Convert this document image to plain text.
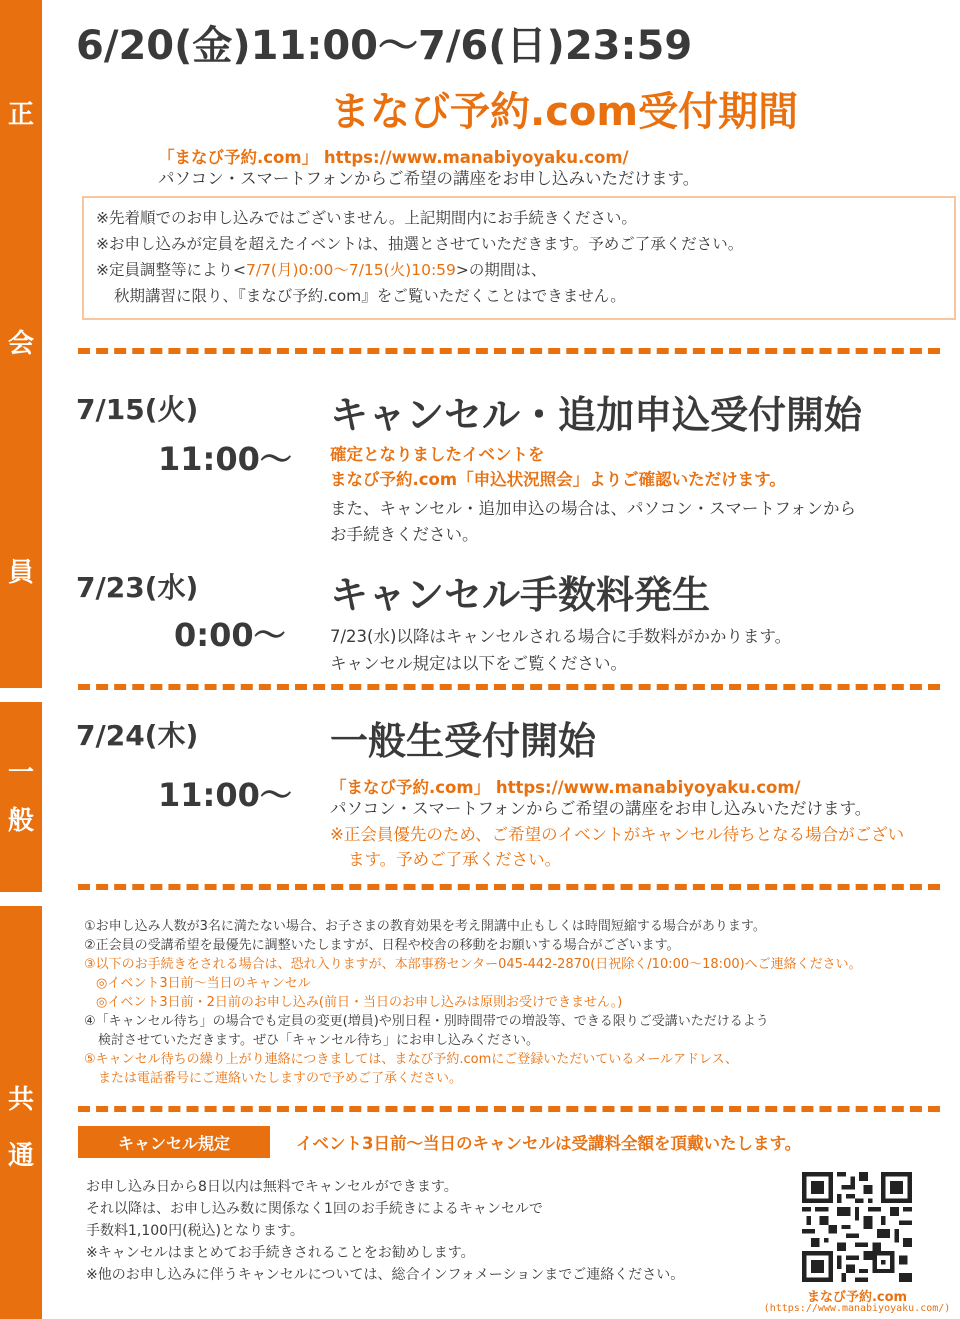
正
会
員
一
般
共
通
6/20(金)11:00〜7/6(日)23:59
まなび予約.com受付期間
「まなび予約.com」 https://www.manabiyoyaku.com/
パソコン・スマートフォンからご希望の講座をお申し込みいただけます。
※先着順でのお申し込みではございません。上記期間内にお手続きください。
※お申し込みが定員を超えたイベントは、抽選とさせていただきます。予めご了承ください。
※定員調整等により<7/7(月)0:00〜7/15(火)10:59>の期間は、
秋期講習に限り、『まなび予約.com』をご覧いただくことはできません。
7/15(火)
11:00〜
キャンセル・追加申込受付開始
確定となりましたイベントを
まなび予約.com「申込状況照会」よりご確認いただけます。
また、キャンセル・追加申込の場合は、パソコン・スマートフォンから
お手続きください。
7/23(水)
0:00〜
キャンセル手数料発生
7/23(水)以降はキャンセルされる場合に手数料がかかります。
キャンセル規定は以下をご覧ください。
7/24(木)
11:00〜
一般生受付開始
「まなび予約.com」 https://www.manabiyoyaku.com/
パソコン・スマートフォンからご希望の講座をお申し込みいただけます。
※正会員優先のため、ご希望のイベントがキャンセル待ちとなる場合がござい
ます。予めご了承ください。
①お申し込み人数が3名に満たない場合、お子さまの教育効果を考え開講中止もしくは時間短縮する場合があります。
②正会員の受講希望を最優先に調整いたしますが、日程や校舎の移動をお願いする場合がございます。
③以下のお手続きをされる場合は、恐れ入りますが、本部事務センター045-442-2870(日祝除く/10:00〜18:00)へご連絡ください。
◎イベント3日前〜当日のキャンセル
◎イベント3日前・2日前のお申し込み(前日・当日のお申し込みは原則お受けできません。)
④「キャンセル待ち」の場合でも定員の変更(増員)や別日程・別時間帯での増設等、できる限りご受講いただけるよう
検討させていただきます。ぜひ「キャンセル待ち」にお申し込みください。
⑤キャンセル待ちの繰り上がり連絡につきましては、まなび予約.comにご登録いただいているメールアドレス、
または電話番号にご連絡いたしますので予めご了承ください。
キャンセル規定	イベント3日前〜当日のキャンセルは受講料全額を頂戴いたします。
お申し込み日から8日以内は無料でキャンセルができます。
それ以降は、お申し込み数に関係なく1回のお手続きによるキャンセルで
手数料1,100円(税込)となります。
※キャンセルはまとめてお手続きされることをお勧めします。
※他のお申し込みに伴うキャンセルについては、総合インフォメーションまでご連絡ください。
まなび予約.com
(https://www.manabiyoyaku.com/)
